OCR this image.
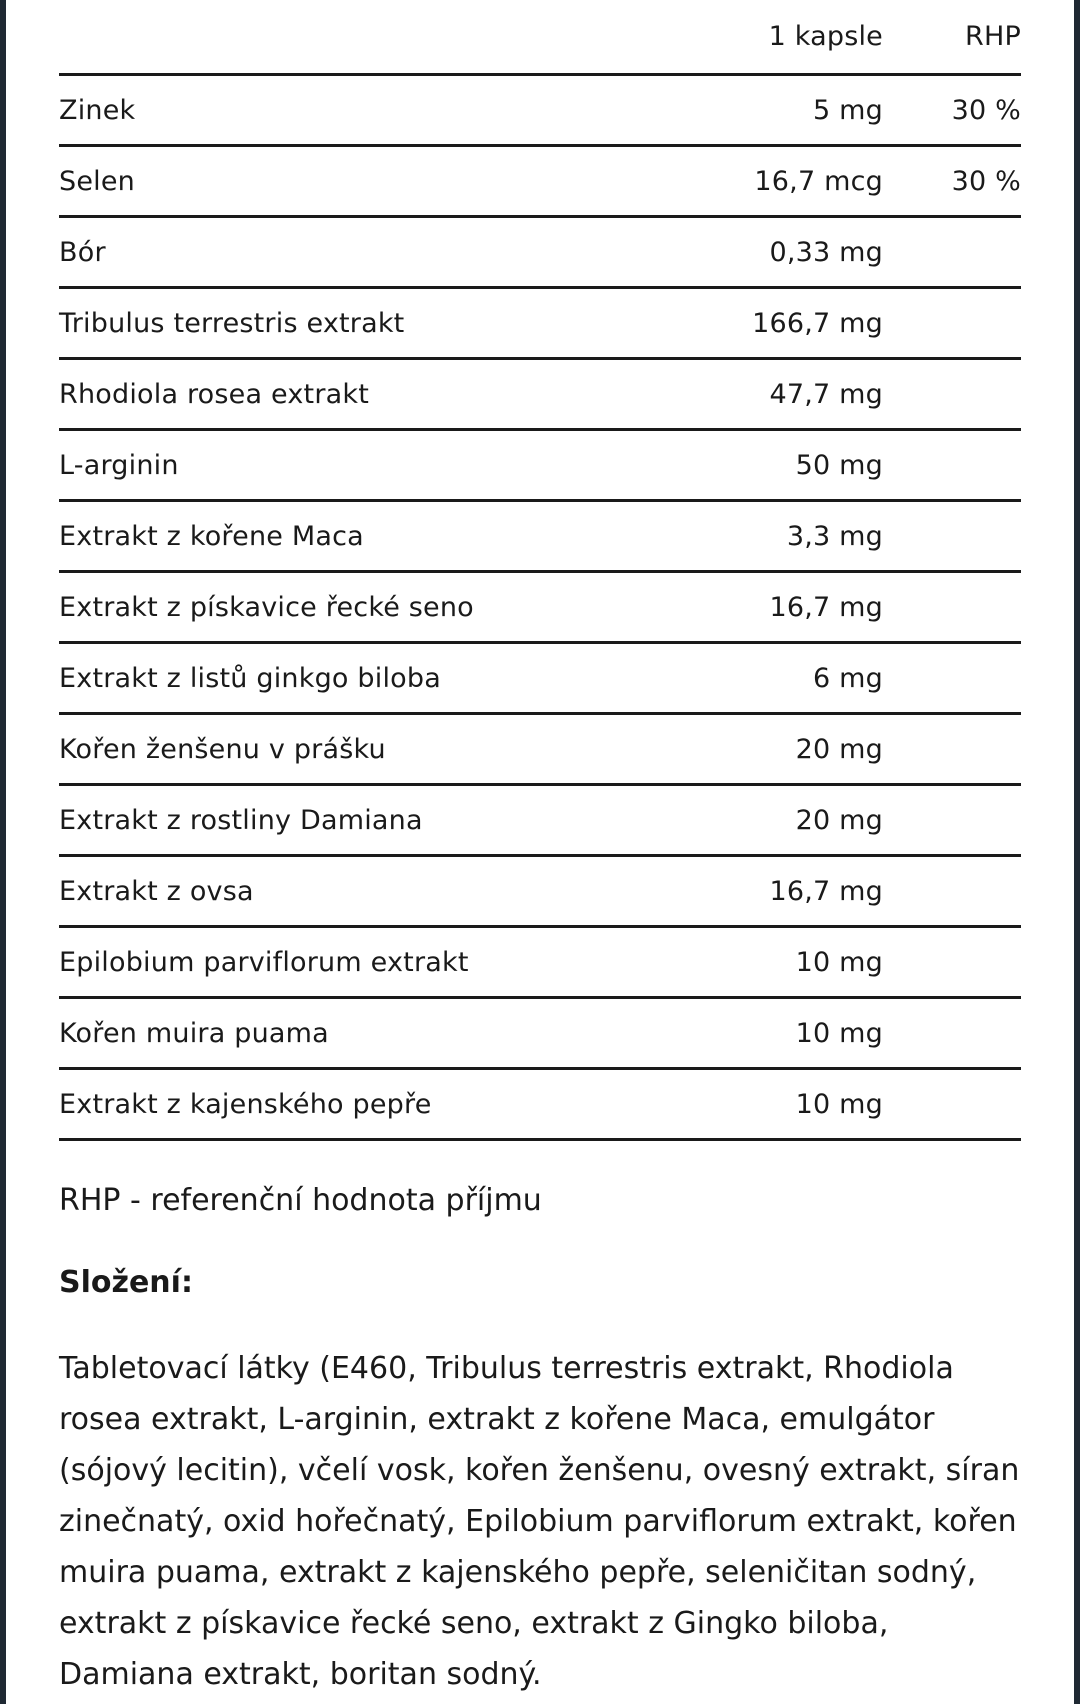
	1 kapsle	RHP
Zinek	5 mg	30 %
Selen	16,7 mcg	30 %
Bór	0,33 mg	
Tribulus terrestris extrakt	166,7 mg	
Rhodiola rosea extrakt	47,7 mg	
L-arginin	50 mg	
Extrakt z kořene Maca	3,3 mg	
Extrakt z pískavice řecké seno	16,7 mg	
Extrakt z listů ginkgo biloba	6 mg	
Kořen ženšenu v prášku	20 mg	
Extrakt z rostliny Damiana	20 mg	
Extrakt z ovsa	16,7 mg	
Epilobium parviflorum extrakt	10 mg	
Kořen muira puama	10 mg	
Extrakt z kajenského pepře	10 mg	
RHP - referenční hodnota příjmu
Složení:
Tabletovací látky (E460, Tribulus terrestris extrakt, Rhodiola rosea extrakt, L-arginin, extrakt z kořene Maca, emulgátor (sójový lecitin), včelí vosk, kořen ženšenu, ovesný extrakt, síran zinečnatý, oxid hořečnatý, Epilobium parviflorum extrakt, kořen muira puama, extrakt z kajenského pepře, seleničitan sodný, extrakt z pískavice řecké seno, extrakt z Gingko biloba, Damiana extrakt, boritan sodný.
